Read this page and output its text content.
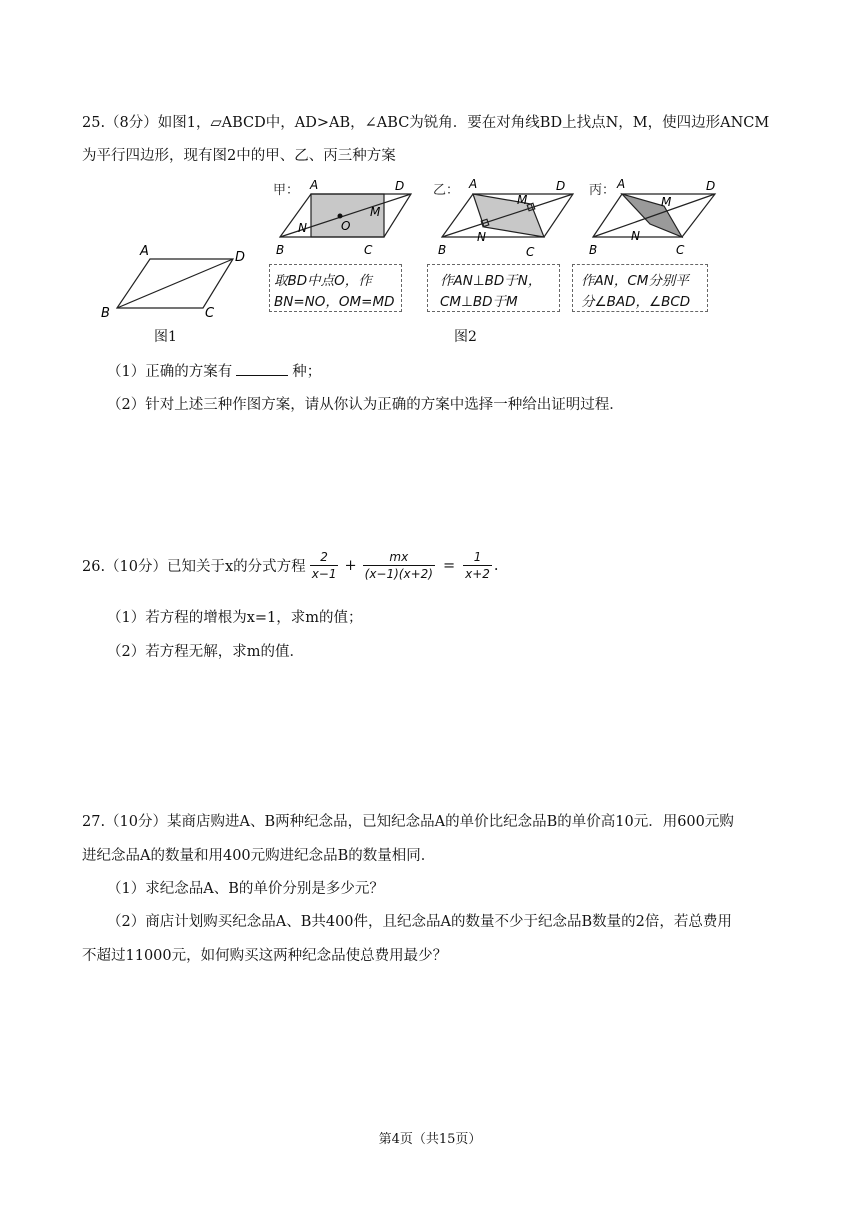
25.（8分）如图1，▱ABCD中，AD>AB，∠ABC为锐角．要在对角线BD上找点N，M，使四边形ANCM
为平行四边形，现有图2中的甲、乙、丙三种方案
A	D
B	C
图1
甲： A	D
B	C
N
M
O
取BD中点O，作
BN=NO，OM=MD
乙： A	D
B	C
N
M
作AN⊥BD于N，
CM⊥BD于M
图2
丙： A	D
B	C
N
M
作AN，CM分别平
分∠BAD，∠BCD
（1）正确的方案有	种；
（2）针对上述三种作图方案，请从你认为正确的方案中选择一种给出证明过程．
26.（10分）已知关于x的分式方程 $\frac{2}{x-1} + \frac{mx}{(x-1)(x+2)} = \frac{1}{x+2}$ .
（1）若方程的增根为x=1，求m的值；
（2）若方程无解，求m的值．
27.（10分）某商店购进A、B两种纪念品，已知纪念品A的单价比纪念品B的单价高10元．用600元购
进纪念品A的数量和用400元购进纪念品B的数量相同．
（1）求纪念品A、B的单价分别是多少元？
（2）商店计划购买纪念品A、B共400件，且纪念品A的数量不少于纪念品B数量的2倍，若总费用
不超过11000元，如何购买这两种纪念品使总费用最少？
第4页（共15页）
